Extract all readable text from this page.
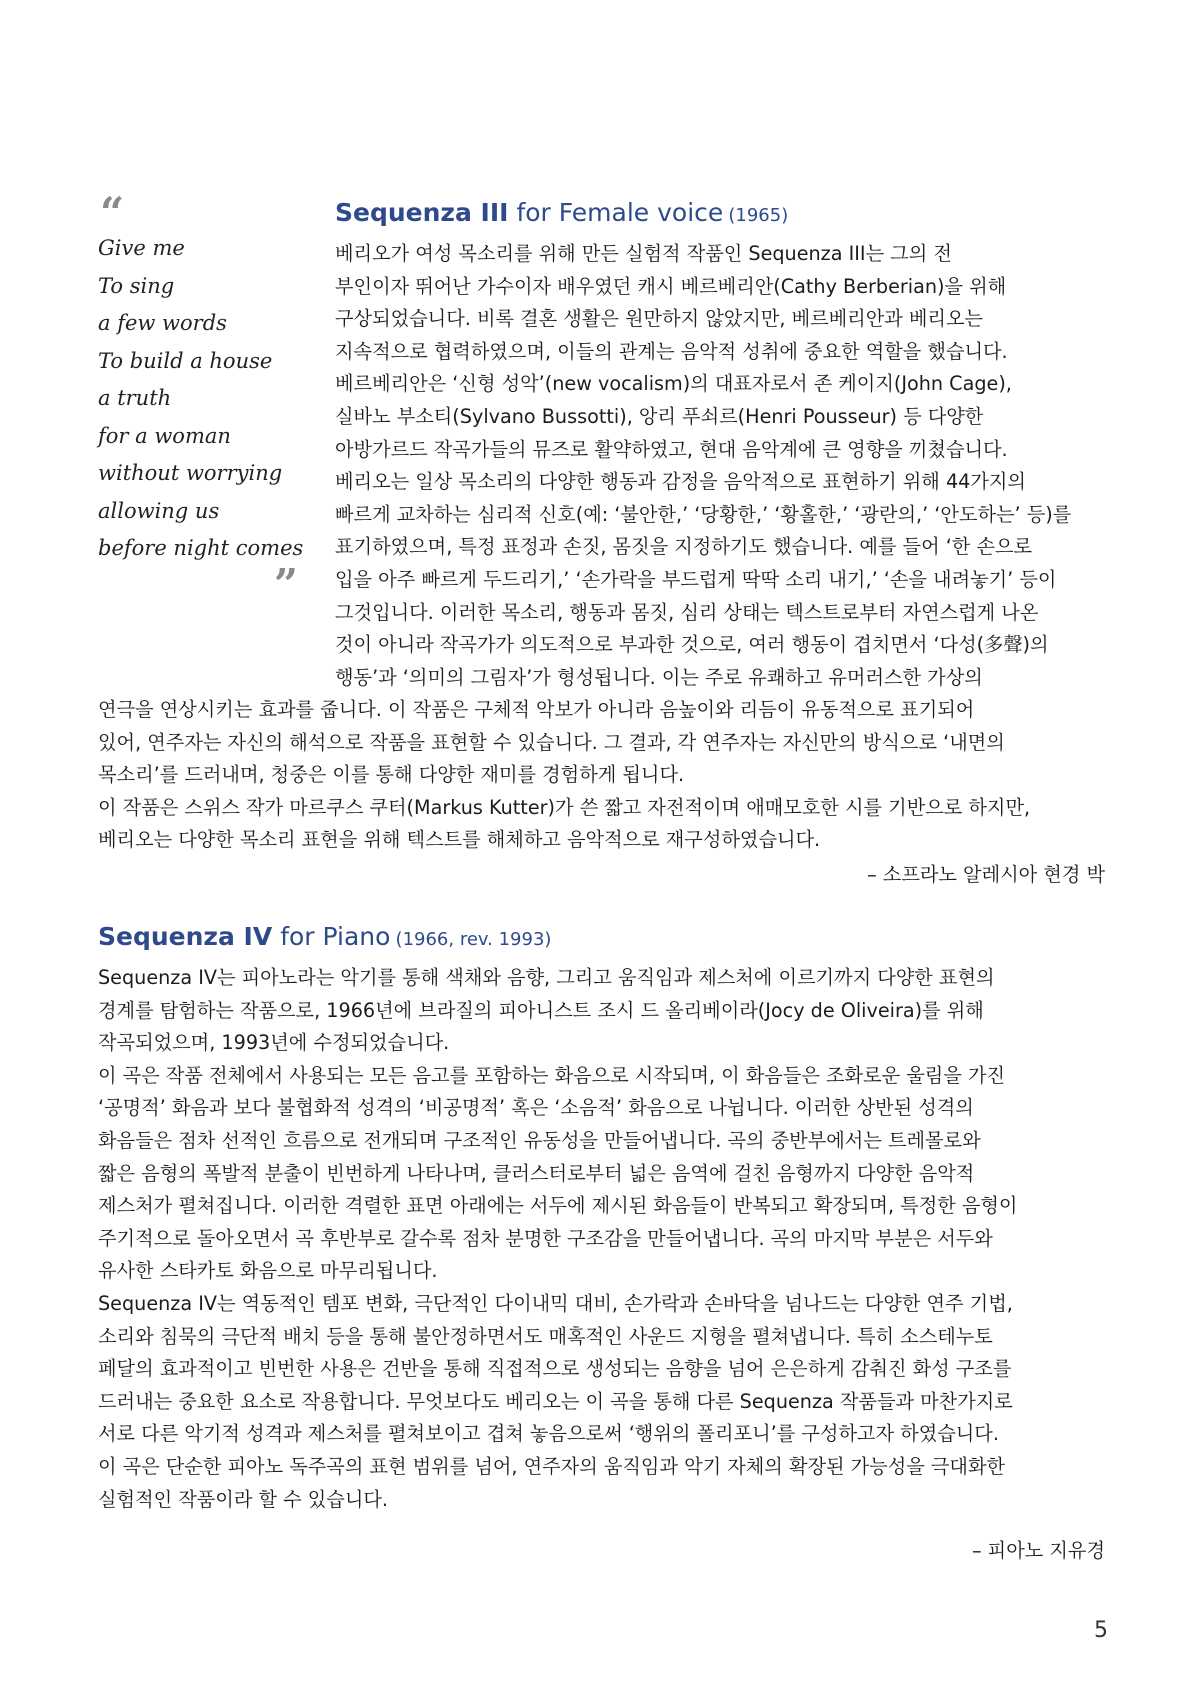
“
Give me
To sing
a few words
To build a house
a truth
for a woman
without worrying
allowing us
before night comes
”
Sequenza III for Female voice (1965)
베리오가 여성 목소리를 위해 만든 실험적 작품인 Sequenza III는 그의 전
부인이자 뛰어난 가수이자 배우였던 캐시 베르베리안(Cathy Berberian)을 위해
구상되었습니다. 비록 결혼 생활은 원만하지 않았지만, 베르베리안과 베리오는
지속적으로 협력하였으며, 이들의 관계는 음악적 성취에 중요한 역할을 했습니다.
베르베리안은 ‘신형 성악’(new vocalism)의 대표자로서 존 케이지(John Cage),
실바노 부소티(Sylvano Bussotti), 앙리 푸쇠르(Henri Pousseur) 등 다양한
아방가르드 작곡가들의 뮤즈로 활약하였고, 현대 음악계에 큰 영향을 끼쳤습니다.
베리오는 일상 목소리의 다양한 행동과 감정을 음악적으로 표현하기 위해 44가지의
빠르게 교차하는 심리적 신호(예: ‘불안한,’ ‘당황한,’ ‘황홀한,’ ‘광란의,’ ‘안도하는’ 등)를
표기하였으며, 특정 표정과 손짓, 몸짓을 지정하기도 했습니다. 예를 들어 ‘한 손으로
입을 아주 빠르게 두드리기,’ ‘손가락을 부드럽게 딱딱 소리 내기,’ ‘손을 내려놓기’ 등이
그것입니다. 이러한 목소리, 행동과 몸짓, 심리 상태는 텍스트로부터 자연스럽게 나온
것이 아니라 작곡가가 의도적으로 부과한 것으로, 여러 행동이 겹치면서 ‘다성(多聲)의
행동’과 ‘의미의 그림자’가 형성됩니다. 이는 주로 유쾌하고 유머러스한 가상의
연극을 연상시키는 효과를 줍니다. 이 작품은 구체적 악보가 아니라 음높이와 리듬이 유동적으로 표기되어
있어, 연주자는 자신의 해석으로 작품을 표현할 수 있습니다. 그 결과, 각 연주자는 자신만의 방식으로 ‘내면의
목소리’를 드러내며, 청중은 이를 통해 다양한 재미를 경험하게 됩니다.
이 작품은 스위스 작가 마르쿠스 쿠터(Markus Kutter)가 쓴 짧고 자전적이며 애매모호한 시를 기반으로 하지만,
베리오는 다양한 목소리 표현을 위해 텍스트를 해체하고 음악적으로 재구성하였습니다.
– 소프라노 알레시아 현경 박
Sequenza IV for Piano (1966, rev. 1993)
Sequenza IV는 피아노라는 악기를 통해 색채와 음향, 그리고 움직임과 제스처에 이르기까지 다양한 표현의
경계를 탐험하는 작품으로, 1966년에 브라질의 피아니스트 조시 드 올리베이라(Jocy de Oliveira)를 위해
작곡되었으며, 1993년에 수정되었습니다.
이 곡은 작품 전체에서 사용되는 모든 음고를 포함하는 화음으로 시작되며, 이 화음들은 조화로운 울림을 가진
‘공명적’ 화음과 보다 불협화적 성격의 ‘비공명적’ 혹은 ‘소음적’ 화음으로 나뉩니다. 이러한 상반된 성격의
화음들은 점차 선적인 흐름으로 전개되며 구조적인 유동성을 만들어냅니다. 곡의 중반부에서는 트레몰로와
짧은 음형의 폭발적 분출이 빈번하게 나타나며, 클러스터로부터 넓은 음역에 걸친 음형까지 다양한 음악적
제스처가 펼쳐집니다. 이러한 격렬한 표면 아래에는 서두에 제시된 화음들이 반복되고 확장되며, 특정한 음형이
주기적으로 돌아오면서 곡 후반부로 갈수록 점차 분명한 구조감을 만들어냅니다. 곡의 마지막 부분은 서두와
유사한 스타카토 화음으로 마무리됩니다.
Sequenza IV는 역동적인 템포 변화, 극단적인 다이내믹 대비, 손가락과 손바닥을 넘나드는 다양한 연주 기법,
소리와 침묵의 극단적 배치 등을 통해 불안정하면서도 매혹적인 사운드 지형을 펼쳐냅니다. 특히 소스테누토
페달의 효과적이고 빈번한 사용은 건반을 통해 직접적으로 생성되는 음향을 넘어 은은하게 감춰진 화성 구조를
드러내는 중요한 요소로 작용합니다. 무엇보다도 베리오는 이 곡을 통해 다른 Sequenza 작품들과 마찬가지로
서로 다른 악기적 성격과 제스처를 펼쳐보이고 겹쳐 놓음으로써 ‘행위의 폴리포니’를 구성하고자 하였습니다.
이 곡은 단순한 피아노 독주곡의 표현 범위를 넘어, 연주자의 움직임과 악기 자체의 확장된 가능성을 극대화한
실험적인 작품이라 할 수 있습니다.
– 피아노 지유경
5
